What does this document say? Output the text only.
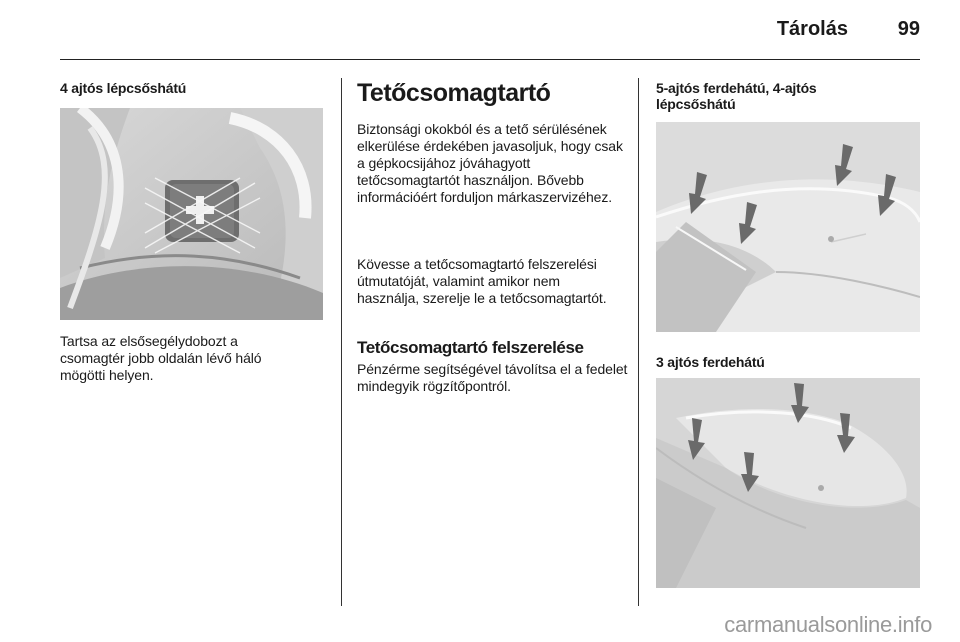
Tárolás	99
4 ajtós lépcsőshátú
Tartsa az elsősegélydobozt a csomagtér jobb oldalán lévő háló mögötti helyen.
Tetőcsomagtartó
Biztonsági okokból és a tető sérülésének elkerülése érdekében javasoljuk, hogy csak a gépkocsijához jóváhagyott tetőcsomagtartót használjon. Bővebb információért forduljon márkaszervizéhez.
Kövesse a tetőcsomagtartó felszerelési útmutatóját, valamint amikor nem használja, szerelje le a tetőcsomagtartót.
Tetőcsomagtartó felszerelése
Pénzérme segítségével távolítsa el a fedelet mindegyik rögzítőpontról.
5-ajtós ferdehátú, 4-ajtós lépcsőshátú
3 ajtós ferdehátú
carmanualsonline.info
